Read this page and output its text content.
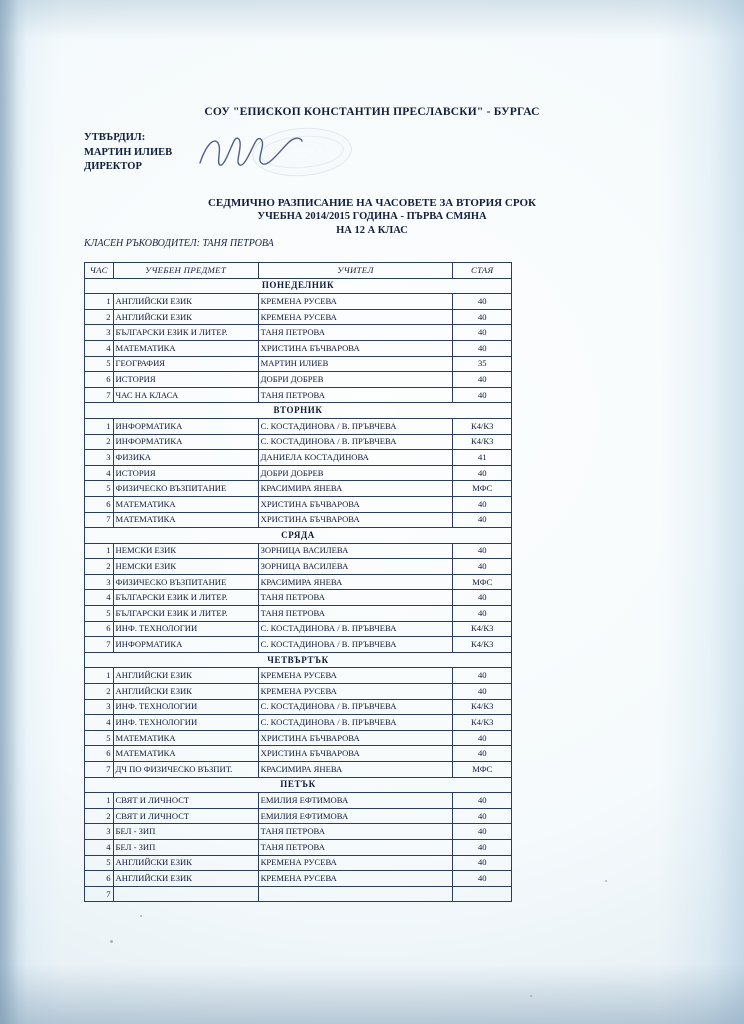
СОУ "ЕПИСКОП КОНСТАНТИН ПРЕСЛАВСКИ" - БУРГАС
УТВЪРДИЛ:
МАРТИН ИЛИЕВ
ДИРЕКТОР
СЕДМИЧНО РАЗПИСАНИЕ НА ЧАСОВЕТЕ ЗА ВТОРИЯ СРОК
УЧЕБНА 2014/2015 ГОДИНА - ПЪРВА СМЯНА
НА 12 А КЛАС
КЛАСЕН РЪКОВОДИТЕЛ: ТАНЯ ПЕТРОВА
ЧАС	УЧЕБЕН ПРЕДМЕТ	УЧИТЕЛ	СТАЯ
ПОНЕДЕЛНИК			
1	АНГЛИЙСКИ ЕЗИК	КРЕМЕНА РУСЕВА	40
2	АНГЛИЙСКИ ЕЗИК	КРЕМЕНА РУСЕВА	40
3	БЪЛГАРСКИ ЕЗИК И ЛИТЕР.	ТАНЯ ПЕТРОВА	40
4	МАТЕМАТИКА	ХРИСТИНА БЪЧВАРОВА	40
5	ГЕОГРАФИЯ	МАРТИН ИЛИЕВ	35
6	ИСТОРИЯ	ДОБРИ ДОБРЕВ	40
7	ЧАС НА КЛАСА	ТАНЯ ПЕТРОВА	40
ВТОРНИК			
1	ИНФОРМАТИКА	С. КОСТАДИНОВА / В. ПРЪВЧЕВА	К4/К3
2	ИНФОРМАТИКА	С. КОСТАДИНОВА / В. ПРЪВЧЕВА	К4/К3
3	ФИЗИКА	ДАНИЕЛА КОСТАДИНОВА	41
4	ИСТОРИЯ	ДОБРИ ДОБРЕВ	40
5	ФИЗИЧЕСКО ВЪЗПИТАНИЕ	КРАСИМИРА ЯНЕВА	МФС
6	МАТЕМАТИКА	ХРИСТИНА БЪЧВАРОВА	40
7	МАТЕМАТИКА	ХРИСТИНА БЪЧВАРОВА	40
СРЯДА			
1	НЕМСКИ ЕЗИК	ЗОРНИЦА ВАСИЛЕВА	40
2	НЕМСКИ ЕЗИК	ЗОРНИЦА ВАСИЛЕВА	40
3	ФИЗИЧЕСКО ВЪЗПИТАНИЕ	КРАСИМИРА ЯНЕВА	МФС
4	БЪЛГАРСКИ ЕЗИК И ЛИТЕР.	ТАНЯ ПЕТРОВА	40
5	БЪЛГАРСКИ ЕЗИК И ЛИТЕР.	ТАНЯ ПЕТРОВА	40
6	ИНФ. ТЕХНОЛОГИИ	С. КОСТАДИНОВА / В. ПРЪВЧЕВА	К4/К3
7	ИНФОРМАТИКА	С. КОСТАДИНОВА / В. ПРЪВЧЕВА	К4/К3
ЧЕТВЪРТЪК			
1	АНГЛИЙСКИ ЕЗИК	КРЕМЕНА РУСЕВА	40
2	АНГЛИЙСКИ ЕЗИК	КРЕМЕНА РУСЕВА	40
3	ИНФ. ТЕХНОЛОГИИ	С. КОСТАДИНОВА / В. ПРЪВЧЕВА	К4/К3
4	ИНФ. ТЕХНОЛОГИИ	С. КОСТАДИНОВА / В. ПРЪВЧЕВА	К4/К3
5	МАТЕМАТИКА	ХРИСТИНА БЪЧВАРОВА	40
6	МАТЕМАТИКА	ХРИСТИНА БЪЧВАРОВА	40
7	ДЧ ПО ФИЗИЧЕСКО ВЪЗПИТ.	КРАСИМИРА ЯНЕВА	МФС
ПЕТЪК			
1	СВЯТ И ЛИЧНОСТ	ЕМИЛИЯ ЕФТИМОВА	40
2	СВЯТ И ЛИЧНОСТ	ЕМИЛИЯ ЕФТИМОВА	40
3	БЕЛ - ЗИП	ТАНЯ ПЕТРОВА	40
4	БЕЛ - ЗИП	ТАНЯ ПЕТРОВА	40
5	АНГЛИЙСКИ ЕЗИК	КРЕМЕНА РУСЕВА	40
6	АНГЛИЙСКИ ЕЗИК	КРЕМЕНА РУСЕВА	40
7			
